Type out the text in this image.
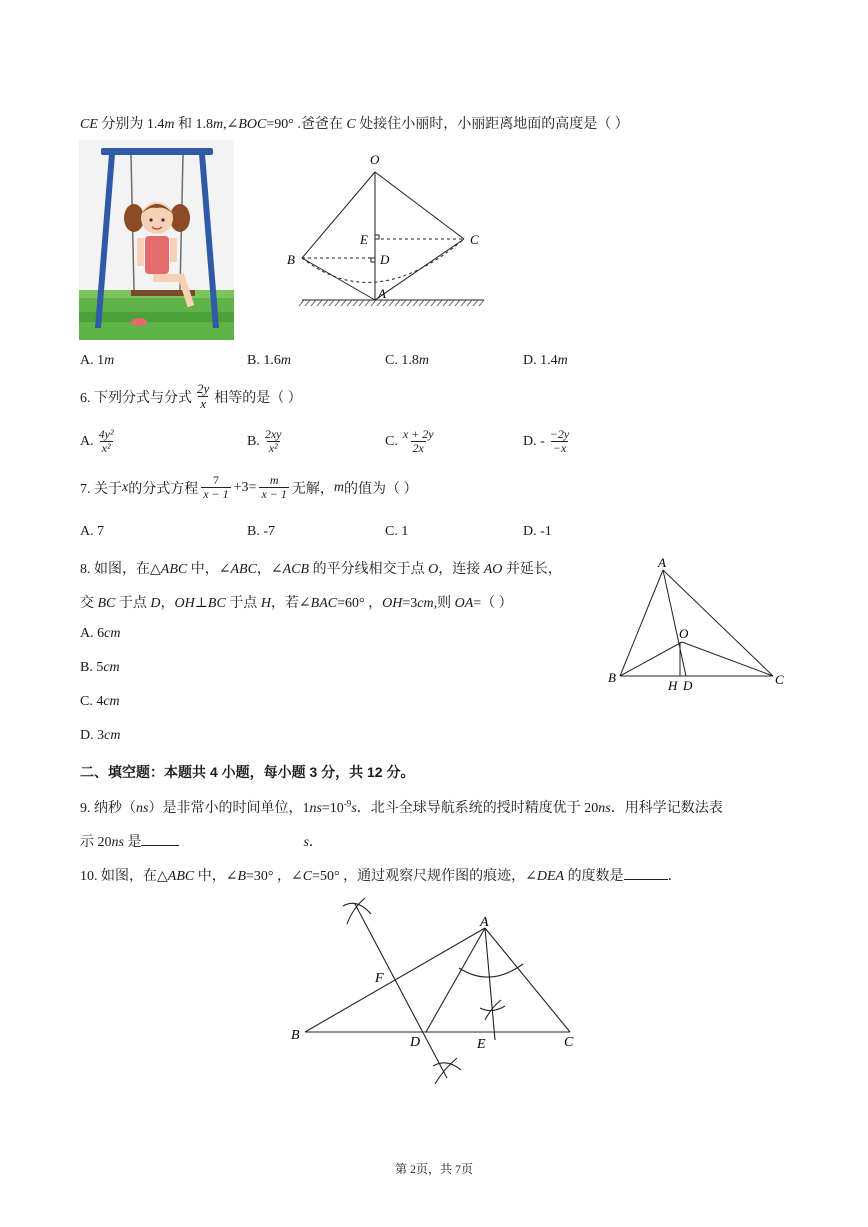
CE 分别为 1.4m 和 1.8m,∠BOC=90° .爸爸在 C 处接住小丽时，小丽距离地面的高度是（ ）
O
E	C
B	D
A
A. 1m	B. 1.6m	C. 1.8m	D. 1.4m
6. 下列分式与分式 $\frac{2y}{x}$ 相等的是（ ）
A. $\frac{\text{4y²}}{\text{x²}}$	B. $\frac{2xy}{\text{x²}}$	C. $\frac{x + 2y}{2x}$	D. - $\frac{-2y}{-x}$
7. 关于 x 的分式方程 $\frac{7}{x - 1} +3= \frac{m}{x - 1}$ 无解， m 的值为（ ）
A. 7	B. -7	C. 1	D. -1
8. 如图，在△ABC 中，∠ABC，∠ACB 的平分线相交于点 O，连接 AO 并延长，
交 BC 于点 D，OH⊥BC 于点 H，若∠BAC=60° ，OH=3cm,则 OA=（ ）
A. 6cm
B. 5cm
C. 4cm
D. 3cm
A
O
B
H D	C
二、填空题：本题共 4 小题，每小题 3 分，共 12 分。
9. 纳秒（ns）是非常小的时间单位，$1ns=10^{-9}s$．北斗全球导航系统的授时精度优于 20ns．用科学记数法表
示 20ns 是	s．
10. 如图，在△ABC 中，∠B=30° ，∠C=50° ，通过观察尺规作图的痕迹，∠DEA 的度数是	．
A
F
B	D	E	C
第 2页，共 7页
